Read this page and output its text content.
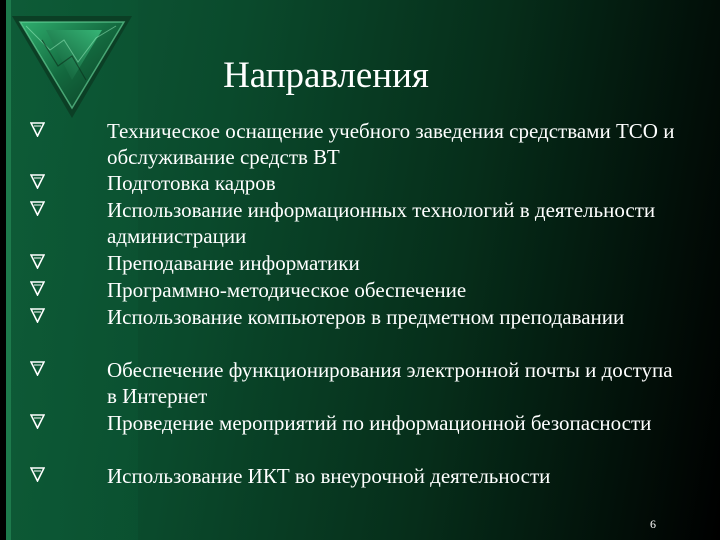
Направления
Техническое оснащение учебного заведения средствами ТСО и обслуживание средств ВТ
Подготовка кадров
Использование информационных технологий в деятельности администрации
Преподавание информатики
Программно-методическое обеспечение
Использование компьютеров в предметном преподавании
Обеспечение функционирования электронной почты и доступа в Интернет
Проведение мероприятий по информационной безопасности
Использование ИКТ во внеурочной деятельности
6
